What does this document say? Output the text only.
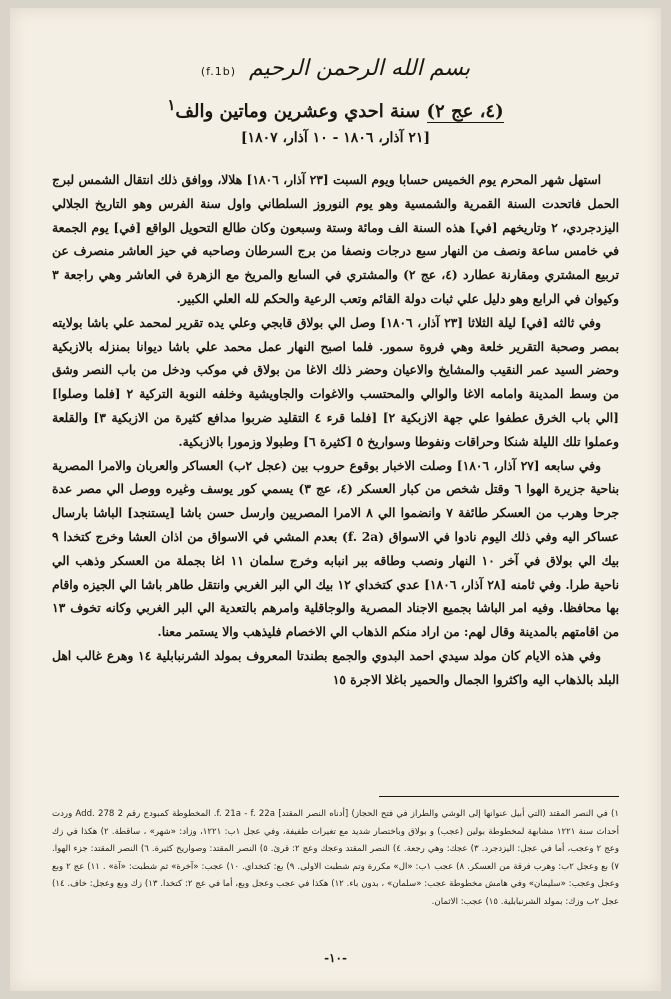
بسم الله الرحمن الرحيم (f.1b)
(٤، عج ٢) سنة احدي وعشرين وماتين والف$^١$
[٢١ آذار، ١٨٠٦ - ١٠ آذار، ١٨٠٧]

استهل شهر المحرم يوم الخميس حسابا ويوم السبت [٢٣ آذار، ١٨٠٦] هلالا، ووافق ذلك انتقال الشمس لبرج الحمل فاتحدت السنة القمرية والشمسية وهو يوم النوروز السلطاني واول سنة الفرس وهو التاريخ الجلالي اليزدجردي، ٢ وتاريخهم [في] هذه السنة الف ومائة وستة وسبعون وكان طالع التحويل الواقع [في] يوم الجمعة في خامس ساعة ونصف من النهار سبع درجات ونصفا من برج السرطان وصاحبه في حيز العاشر منصرف عن تربيع المشتري ومقارنة عطارد (٤، عج ٢) والمشتري في السابع والمريخ مع الزهرة في العاشر وهي راجعة ٣ وكيوان في الرابع وهو دليل علي ثبات دولة القائم وتعب الرعية والحكم لله العلي الكبير.

وفي ثالثه [في] ليلة الثلاثا [٢٣ آذار، ١٨٠٦] وصل الي بولاق قابجي وعلي يده تقرير لمحمد علي باشا بولايته بمصر وصحبة التقرير خلعة وهي فروة سمور. فلما اصبح النهار عمل محمد علي باشا ديوانا بمنزله بالازبكية وحضر السيد عمر النقيب والمشايخ والاعيان وحضر ذلك الاغا من بولاق في موكب ودخل من باب النصر وشق من وسط المدينة وامامه الاغا والوالي والمحتسب والاغوات والجاويشية وخلفه النوبة التركية ٢ [فلما وصلوا] [الي باب الخرق عطفوا علي جهة الازبكية ٢] [فلما قرء ٤ التقليد ضربوا مدافع كثيرة من الازبكية ٣] والقلعة وعملوا تلك الليلة شنكا وحراقات ونفوطا وسواريخ ٥ [كثيرة ٦] وطبولا وزمورا بالازبكية.

وفي سابعه [٢٧ آذار، ١٨٠٦] وصلت الاخبار بوقوع حروب بين (عجل ٢ب) العساكر والعربان والامرا المصرية بناحية جزيرة الهوا ٦ وقتل شخص من كبار العسكر (٤، عج ٣) يسمي كور يوسف وغيره ووصل الي مصر عدة جرحا وهرب من العسكر طائفة ٧ وانضموا الي ٨ الامرا المصريين وارسل حسن باشا [يستنجد] الباشا بارسال عساكر اليه وفي ذلك اليوم نادوا في الاسواق (f. 2a) بعدم المشي في الاسواق من اذان العشا وخرج كتخدا ٩ بيك الي بولاق في آخر ١٠ النهار ونصب وطاقه ببر انبابه وخرج سلمان ١١ اغا بجملة من العسكر وذهب الي ناحية طرا. وفي ثامنه [٢٨ آذار، ١٨٠٦] عدي كتخداي ١٢ بيك الي البر الغربي وانتقل طاهر باشا الي الجيزه واقام بها محافظا. وفيه امر الباشا بجميع الاجناد المصرية والوجاقلية وامرهم بالتعدية الي البر الغربي وكانه تخوف ١٣ من اقامتهم بالمدينة وقال لهم: من اراد منكم الذهاب الي الاخصام فليذهب والا يستمر معنا.

وفي هذه الايام كان مولد سيدي احمد البدوي والجمع بطندتا المعروف بمولد الشرنبابلية ١٤ وهرع غالب اهل البلد بالذهاب اليه واكثروا الجمال والحمير باغلا الاجرة ١٥

١) في النصر المقتد (التي أبيل عنوانها إلى الوشي والطراز في فتح الحجاز) [أدناه النصر المقتد] f. 21a - f. 22a. المخطوطة كمبودج رقم Add. 278 2 وردت أحداث سنة ١٢٢١ مشابهة لمخطوطة بولين (عجب) و بولاق وباختصار شديد مع تغيرات طفيفة، وفي عجل ١ب: ١٢٢١، وزاد: «شهر» ، ساقطة. ٢) هكذا في زك وعج ٢ وعجب، أما في عجل: اليزدجرد. ٣) عجك: وهي رجعة. ٤) النصر المقتد وعجك وعج ٢: قرئ. ٥) النصر المقتد: وصواريخ كثيرة. ٦) النصر المقتد: جزء الهوا. ٧) بع وعجل ٢ب: وهرب فرقة من العسكر. ٨) عجب ١ب: «ال» مكررة وتم شطبت الاولى. ٩) بع: كتخداي. ١٠) عجب: «آخرة» ثم شطبت: «آة» . ١١) عج ٢ وبع وعجل وعجب: «سليمان» وفي هامش مخطوطة عجب: «سلمان» ، بدون باء. ١٢) هكذا في عجب وعجل وبع، أما في عج ٢: كتخدا. ١٣) زك وبع وعجل: خاف. ١٤) عجل ٢ب وزك: بمولد الشرنبابلية. ١٥) عجب: الاثمان.

-١٠-
